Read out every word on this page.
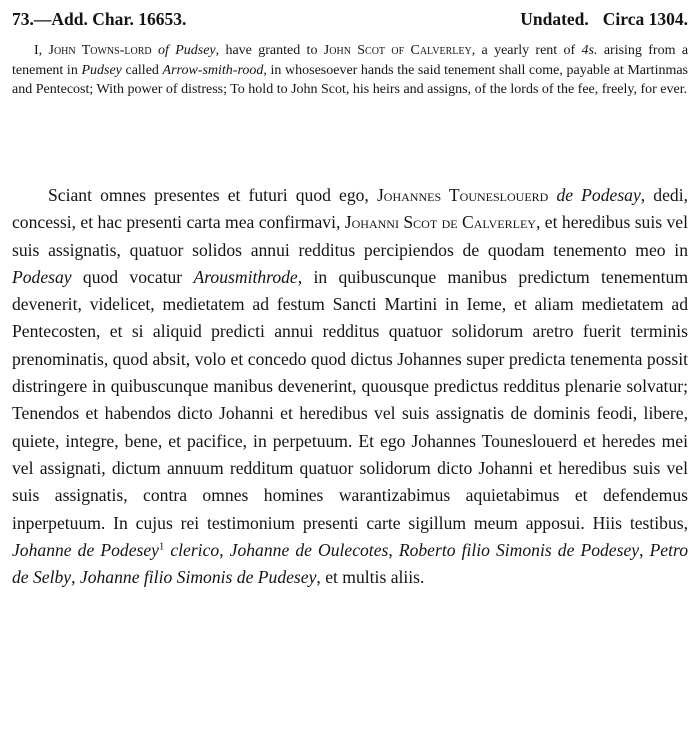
73.—Add. Char. 16653.	Undated. Circa 1304.

I, John Towns-lord of Pudsey, have granted to John Scot of Calverley, a yearly rent of 4s. arising from a tenement in Pudsey called Arrow-smith-rood, in whosesoever hands the said tenement shall come, payable at Martinmas and Pentecost; With power of distress; To hold to John Scot, his heirs and assigns, of the lords of the fee, freely, for ever.

Sciant omnes presentes et futuri quod ego, Johannes Touneslouerd de Podesay, dedi, concessi, et hac presenti carta mea confirmavi, Johanni Scot de Calverley, et heredibus suis vel suis assignatis, quatuor solidos annui redditus percipiendos de quodam tenemento meo in Podesay quod vocatur Arousmithrode, in quibuscunque manibus predictum tenementum devenerit, videlicet, medietatem ad festum Sancti Martini in Ieme, et aliam medietatem ad Pentecosten, et si aliquid predicti annui redditus quatuor solidorum aretro fuerit terminis prenominatis, quod absit, volo et concedo quod dictus Johannes super predicta tenementa possit distringere in quibuscunque manibus devenerint, quousque predictus redditus plenarie solvatur; Tenendos et habendos dicto Johanni et heredibus vel suis assignatis de dominis feodi, libere, quiete, integre, bene, et pacifice, in perpetuum. Et ego Johannes Touneslouerd et heredes mei vel assignati, dictum annuum redditum quatuor solidorum dicto Johanni et heredibus suis vel suis assignatis, contra omnes homines warantizabimus aquietabimus et defendemus inperpetuum. In cujus rei testimonium presenti carte sigillum meum apposui. Hiis testibus, Johanne de Podesey$^1$ clerico, Johanne de Oulecotes, Roberto filio Simonis de Podesey, Petro de Selby, Johanne filio Simonis de Pudesey, et multis aliis.
